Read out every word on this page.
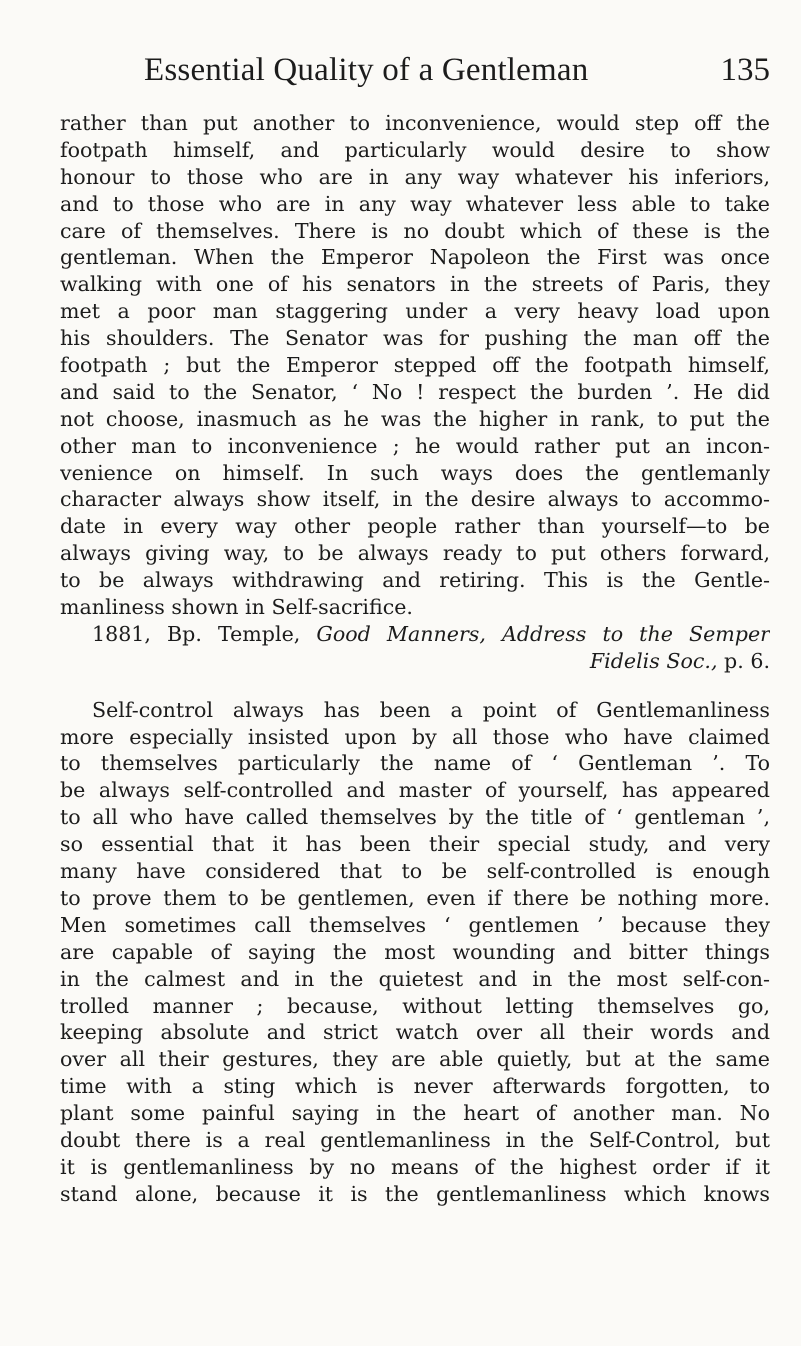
Essential Quality of a Gentleman	135
rather than put another to inconvenience, would step off the
footpath himself, and particularly would desire to show
honour to those who are in any way whatever his inferiors,
and to those who are in any way whatever less able to take
care of themselves. There is no doubt which of these is the
gentleman. When the Emperor Napoleon the First was once
walking with one of his senators in the streets of Paris, they
met a poor man staggering under a very heavy load upon
his shoulders. The Senator was for pushing the man off the
footpath ; but the Emperor stepped off the footpath himself,
and said to the Senator, ‘ No ! respect the burden ’. He did
not choose, inasmuch as he was the higher in rank, to put the
other man to inconvenience ; he would rather put an incon-
venience on himself. In such ways does the gentlemanly
character always show itself, in the desire always to accommo-
date in every way other people rather than yourself—to be
always giving way, to be always ready to put others forward,
to be always withdrawing and retiring. This is the Gentle-
manliness shown in Self-sacrifice.
1881, Bp. Temple, Good Manners, Address to the Semper
Fidelis Soc., p. 6.
Self-control always has been a point of Gentlemanliness
more especially insisted upon by all those who have claimed
to themselves particularly the name of ‘ Gentleman ’. To
be always self-controlled and master of yourself, has appeared
to all who have called themselves by the title of ‘ gentleman ’,
so essential that it has been their special study, and very
many have considered that to be self-controlled is enough
to prove them to be gentlemen, even if there be nothing more.
Men sometimes call themselves ‘ gentlemen ’ because they
are capable of saying the most wounding and bitter things
in the calmest and in the quietest and in the most self-con-
trolled manner ; because, without letting themselves go,
keeping absolute and strict watch over all their words and
over all their gestures, they are able quietly, but at the same
time with a sting which is never afterwards forgotten, to
plant some painful saying in the heart of another man. No
doubt there is a real gentlemanliness in the Self-Control, but
it is gentlemanliness by no means of the highest order if it
stand alone, because it is the gentlemanliness which knows
